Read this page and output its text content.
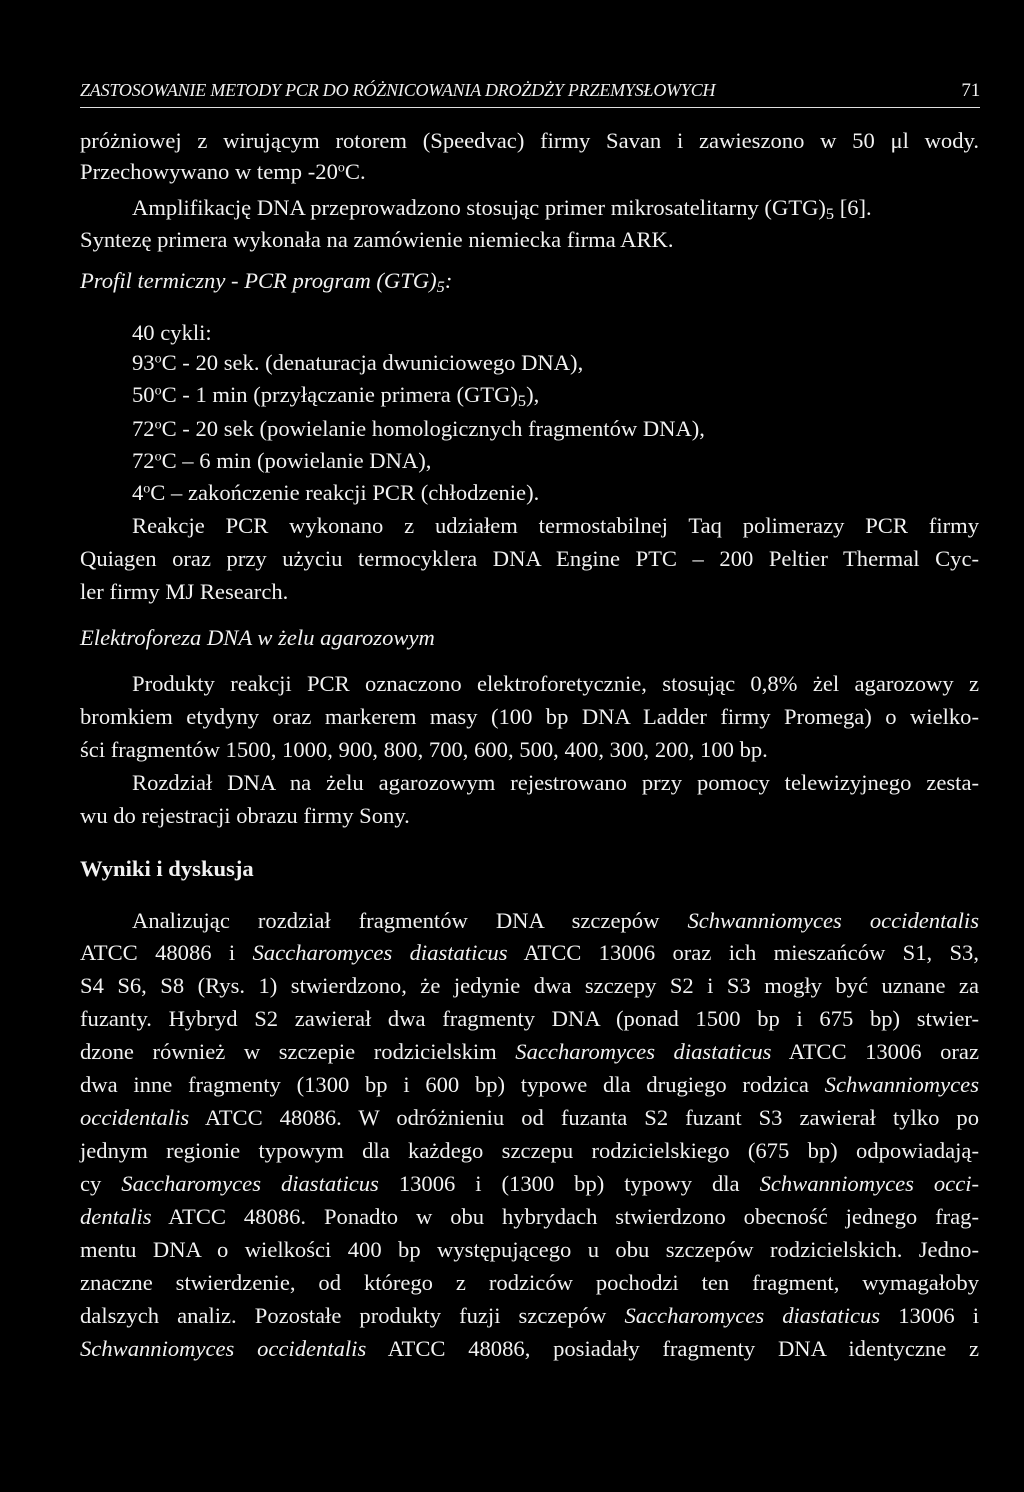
ZASTOSOWANIE METODY PCR DO RÓŻNICOWANIA DROŻDŻY PRZEMYSŁOWYCH	71
próżniowej z wirującym rotorem (Speedvac) firmy Savan i zawieszono w 50 μl wody.
Przechowywano w temp -20$^o$C.
Amplifikację DNA przeprowadzono stosując primer mikrosatelitarny $(GTG)_5$ [6].
Syntezę primera wykonała na zamówienie niemiecka firma ARK.
Profil termiczny - PCR program $(GTG)_5$:
40 cykli:
93$^o$C - 20 sek. (denaturacja dwuniciowego DNA),
50$^o$C - 1 min (przyłączanie primera $(GTG)_5$),
72$^o$C - 20 sek (powielanie homologicznych fragmentów DNA),
72$^o$C – 6 min (powielanie DNA),
4$^o$C – zakończenie reakcji PCR (chłodzenie).
Reakcje PCR wykonano z udziałem termostabilnej Taq polimerazy PCR firmy
Quiagen oraz przy użyciu termocyklera DNA Engine PTC – 200 Peltier Thermal Cyc-
ler firmy MJ Research.
Elektroforeza DNA w żelu agarozowym
Produkty reakcji PCR oznaczono elektroforetycznie, stosując 0,8% żel agarozowy z
bromkiem etydyny oraz markerem masy (100 bp DNA Ladder firmy Promega) o wielko-
ści fragmentów 1500, 1000, 900, 800, 700, 600, 500, 400, 300, 200, 100 bp.
Rozdział DNA na żelu agarozowym rejestrowano przy pomocy telewizyjnego zesta-
wu do rejestracji obrazu firmy Sony.
Wyniki i dyskusja
Analizując rozdział fragmentów DNA szczepów Schwanniomyces occidentalis
ATCC 48086 i Saccharomyces diastaticus ATCC 13006 oraz ich mieszańców S1, S3,
S4 S6, S8 (Rys. 1) stwierdzono, że jedynie dwa szczepy S2 i S3 mogły być uznane za
fuzanty. Hybryd S2 zawierał dwa fragmenty DNA (ponad 1500 bp i 675 bp) stwier-
dzone również w szczepie rodzicielskim Saccharomyces diastaticus ATCC 13006 oraz
dwa inne fragmenty (1300 bp i 600 bp) typowe dla drugiego rodzica Schwanniomyces
occidentalis ATCC 48086. W odróżnieniu od fuzanta S2 fuzant S3 zawierał tylko po
jednym regionie typowym dla każdego szczepu rodzicielskiego (675 bp) odpowiadają-
cy Saccharomyces diastaticus 13006 i (1300 bp) typowy dla Schwanniomyces occi-
dentalis ATCC 48086. Ponadto w obu hybrydach stwierdzono obecność jednego frag-
mentu DNA o wielkości 400 bp występującego u obu szczepów rodzicielskich. Jedno-
znaczne stwierdzenie, od którego z rodziców pochodzi ten fragment, wymagałoby
dalszych analiz. Pozostałe produkty fuzji szczepów Saccharomyces diastaticus 13006 i
Schwanniomyces occidentalis ATCC 48086, posiadały fragmenty DNA identyczne z
